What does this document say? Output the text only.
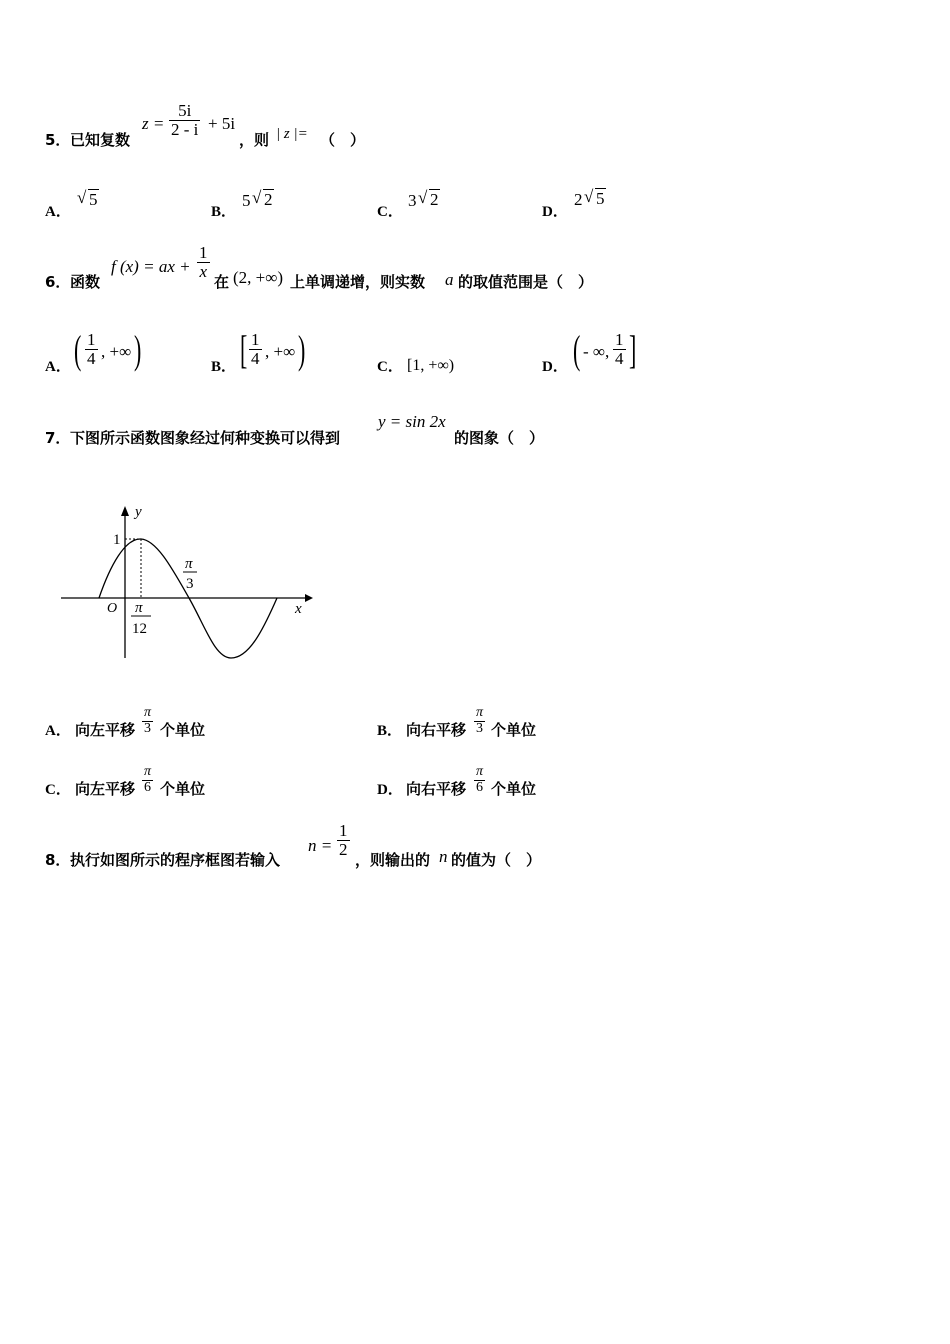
5． 已知复数
$z = \frac{5i}{2 - i} + 5i$
，则 | z |= （　）
A．
√ 5
B．
5 √ 2
C．
3 √ 2
D．
2 √ 5
6． 函数
f (x) = ax + $\frac{1}{x}$
在 (2, +∞) 上单调递增，则实数 a 的取值范围是（　）
A． ( $\frac{1}{4}$ , +∞ )	B． [ $\frac{1}{4}$ , +∞ )	C． [1, +∞)	D． ( - ∞, $\frac{1}{4}$ ]
7． 下图所示函数图象经过何种变换可以得到
y = sin 2x
的图象（　）
y
x
O
1
π
3
π
12
A． 向左平移 $\frac{\pi}{3}$ 个单位	B． 向右平移 $\frac{\pi}{3}$ 个单位
C． 向左平移 $\frac{\pi}{6}$ 个单位	D． 向右平移 $\frac{\pi}{6}$ 个单位
8． 执行如图所示的程序框图若输入
$n = \frac{1}{2}$
，则输出的 n 的值为（　）
